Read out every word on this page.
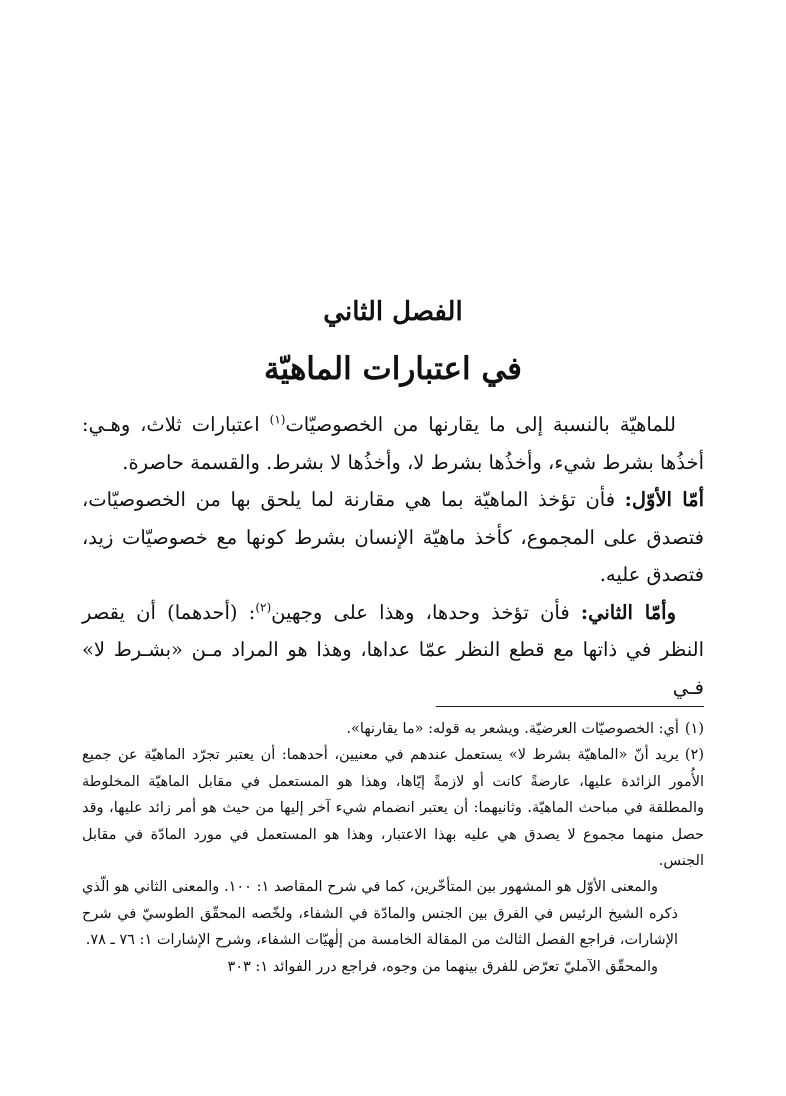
الفصل الثاني
في اعتبارات الماهيّة

للماهيّة بالنسبة إلى ما يقارنها من الخصوصيّات$^{(١)}$ اعتبارات ثلاث، وهـي: أخذُها بشرط شيء، وأخذُها بشرط لا، وأخذُها لا بشرط. والقسمة حاصرة.

أمّا الأوّل: فأن تؤخذ الماهيّة بما هي مقارنة لما يلحق بها من الخصوصيّات، فتصدق على المجموع، كأخذ ماهيّة الإنسان بشرط كونها مع خصوصيّات زيد، فتصدق عليه.

وأمّا الثاني: فأن تؤخذ وحدها، وهذا على وجهين$^{(٢)}$: (أحدهما) أن يقصر النظر في ذاتها مع قطع النظر عمّا عداها، وهذا هو المراد مـن «بشـرط لا» فـي

(١)أي: الخصوصيّات العرضيّة. ويشعر به قوله: «ما يقارنها».

(٢)يريد أنّ «الماهيّة بشرط لا» يستعمل عندهم في معنيين، أحدهما: أن يعتبر تجرّد الماهيّة عن جميع الأُمور الزائدة عليها، عارضةً كانت أو لازمةً إيّاها، وهذا هو المستعمل في مقابل الماهيّة المخلوطة والمطلقة في مباحث الماهيّة. وثانيهما: أن يعتبر انضمام شيء آخر إليها من حيث هو أمر زائد عليها، وقد حصل منهما مجموع لا يصدق هي عليه بهذا الاعتبار، وهذا هو المستعمل في مورد المادّة في مقابل الجنس.

والمعنى الأوّل هو المشهور بين المتأخّرين، كما في شرح المقاصد ١: ١٠٠. والمعنى الثاني هو الّذي ذكره الشيخ الرئيس في الفرق بين الجنس والمادّة في الشفاء، ولخّصه المحقّق الطوسيّ في شرح الإشارات، فراجع الفصل الثالث من المقالة الخامسة من إلٰهيّات الشفاء، وشرح الإشارات ١: ٧٦ ـ ٧٨.

والمحقّق الآمليّ تعرّض للفرق بينهما من وجوه، فراجع درر الفوائد ١: ٣٠٣
